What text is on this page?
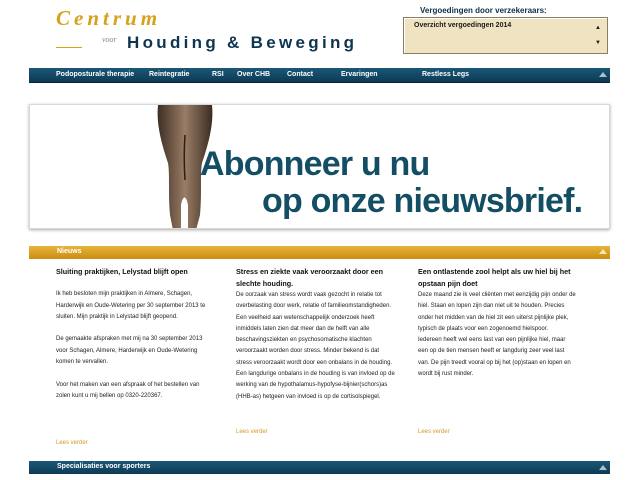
Centrum
voor Houding & Beweging
Vergoedingen door verzekeraars:
Overzicht vergoedingen 2014	▲
▼
Podoposturale therapie Reintegratie	RSI Over CHB Contact	Ervaringen	Restless Legs
Abonneer u nu
op onze nieuwsbrief.
Nieuws
Sluiting praktijken, Lelystad blijft open

Ik heb besloten mijn praktijken in Almere, Schagen,

Harderwijk en Oude-Wetering per 30 september 2013 te

sluiten. Mijn praktijk in Lelystad blijft geopend.

De gemaakte afspraken met mij na 30 september 2013

voor Schagen, Almere, Harderwijk en Oude-Wetering

komen te vervallen.

Voor het maken van een afspraak of het bestellen van

zolen kunt u mij bellen op 0320-220367.

Lees verder
Stress en ziekte vaak veroorzaakt door een slechte houding.

De oorzaak van stress wordt vaak gezocht in relatie tot

overbelasting door werk, relatie of familieomstandigheden.

Een veelheid aan wetenschappelijk onderzoek heeft

inmiddels laten zien dat meer dan de helft van alle

beschavingsziekten en psychosomatische klachten

veroorzaakt worden door stress. Minder bekend is dat

stress veroorzaakt wordt door een onbalans in de houding.

Een langdurige onbalans in de houding is van invloed op de

werking van de hypothalamus-hypofyse-bijnier(schors)as

(HHB-as) hetgeen van invloed is op de cortisolspiegel.

Lees verder
Een ontlastende zool helpt als uw hiel bij het opstaan pijn doet

Deze maand zie ik veel cliënten met eenzijdig pijn onder de

hiel. Staan en lopen zijn dan niet uit te houden. Precies

onder het midden van de hiel zit een uiterst pijnlijke plek,

typisch de plaats voor een zogenoemd hielspoor.

Iedereen heeft wel eens last van een pijnlijke hiel, maar

een op de tien mensen heeft er langdurig zeer veel last

van. De pijn treedt vooral op bij het (op)staan en lopen en

wordt bij rust minder.

Lees verder
Specialisaties voor sporters
